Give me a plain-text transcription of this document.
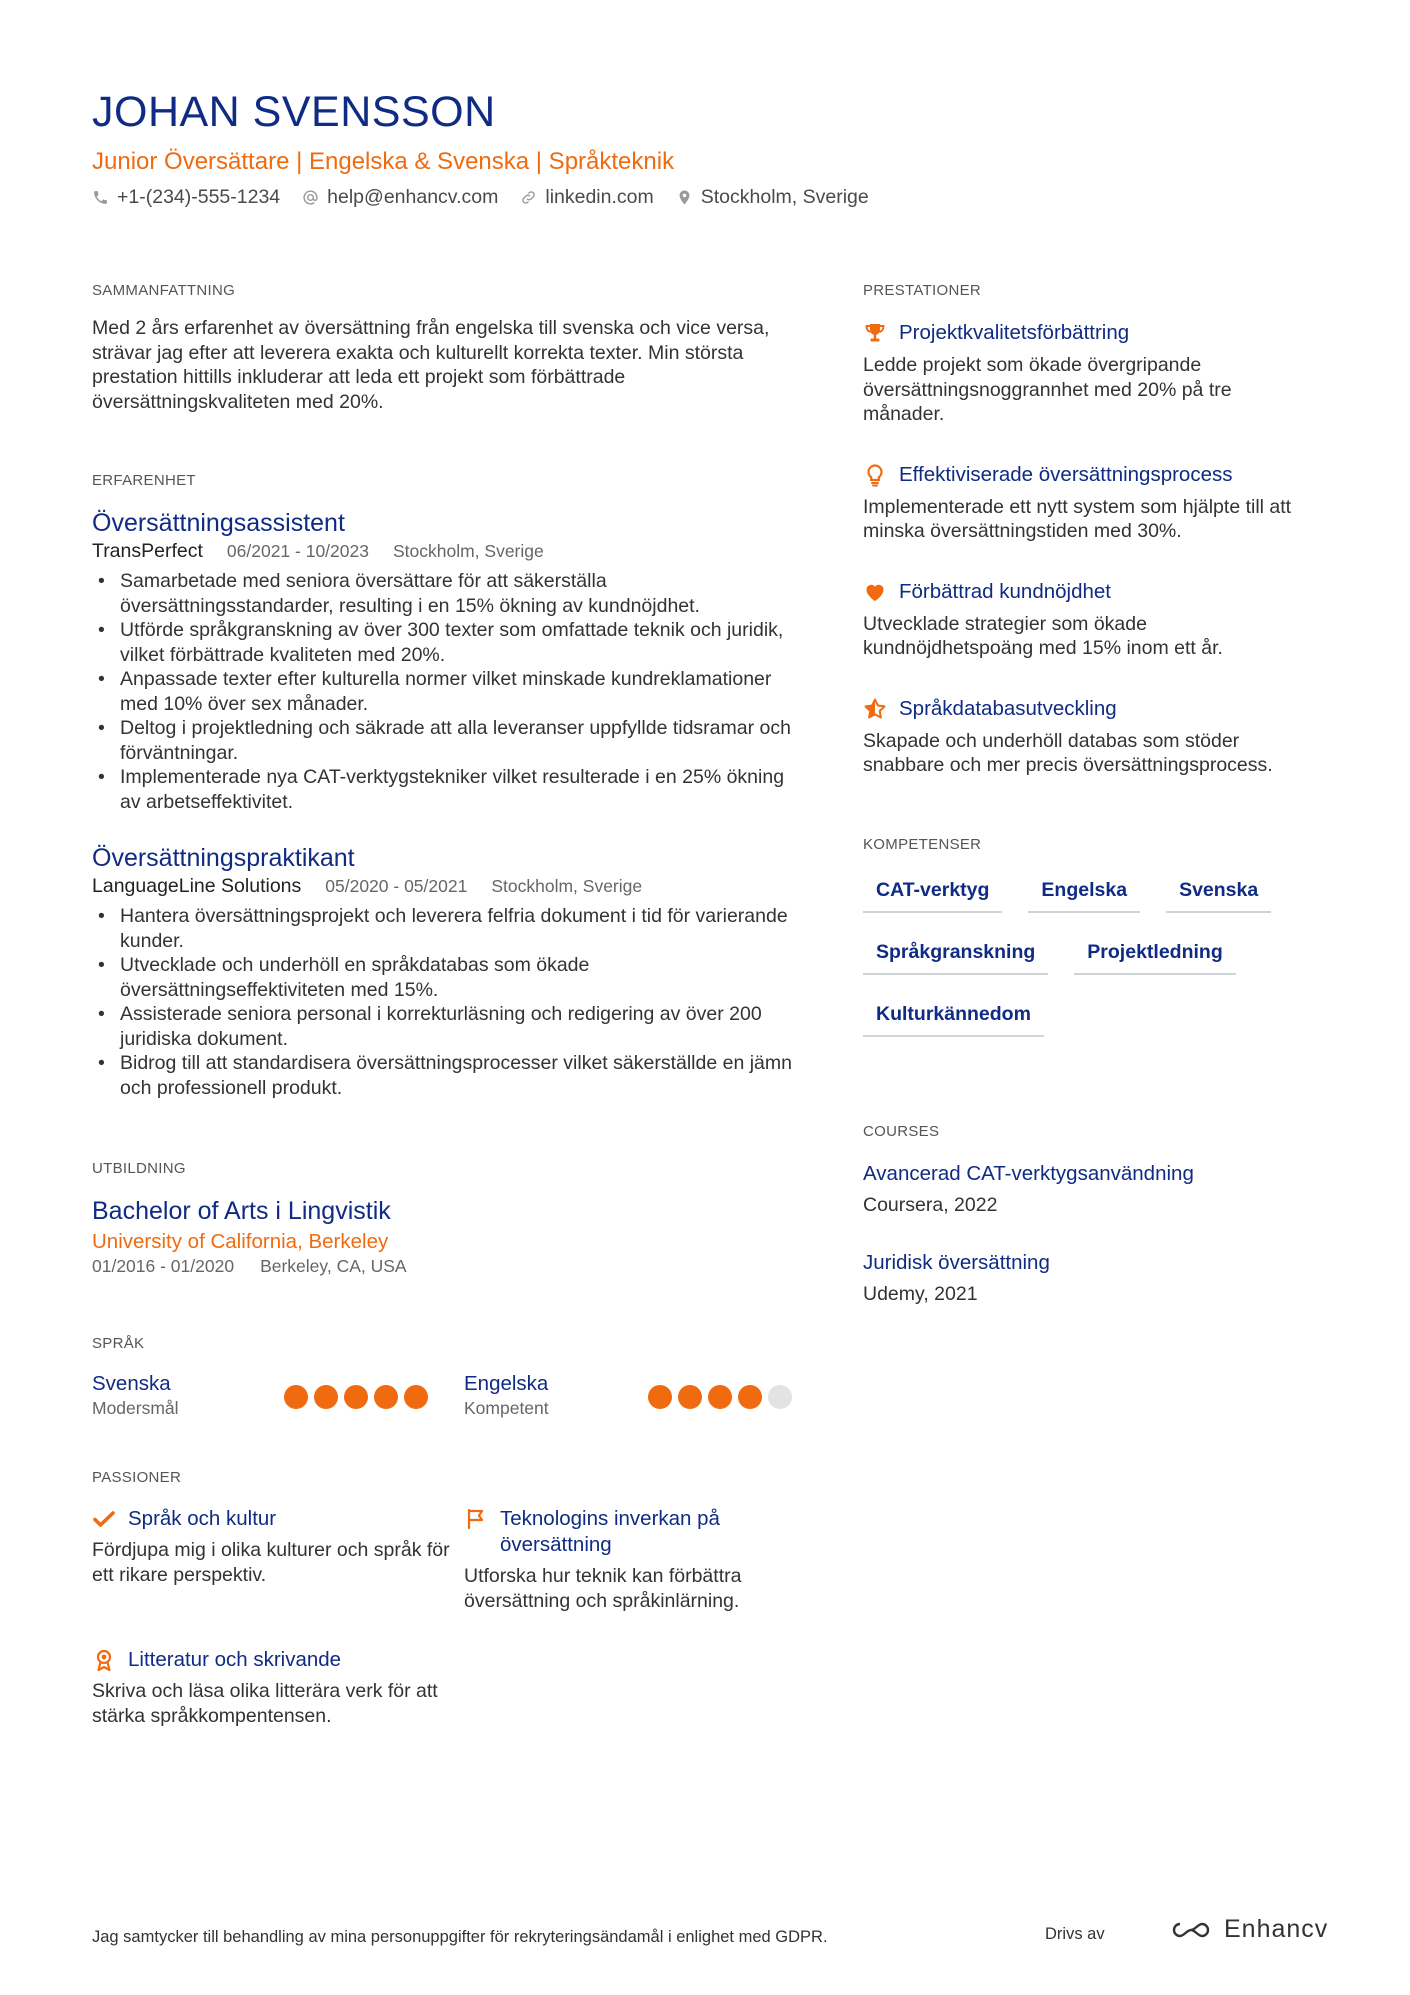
JOHAN SVENSSON
Junior Översättare | Engelska & Svenska | Språkteknik
+1-(234)-555-1234 help@enhancv.com linkedin.com Stockholm, Sverige
SAMMANFATTNING

Med 2 års erfarenhet av översättning från engelska till svenska och vice versa, strävar jag efter att leverera exakta och kulturellt korrekta texter. Min största prestation hittills inkluderar att leda ett projekt som förbättrade översättningskvaliteten med 20%.

ERFARENHET
Översättningsassistent
TransPerfect 06/2021 - 10/2023 Stockholm, Sverige
• Samarbetade med seniora översättare för att säkerställa översättningsstandarder, resulting i en 15% ökning av kundnöjdhet.
• Utförde språkgranskning av över 300 texter som omfattade teknik och juridik, vilket förbättrade kvaliteten med 20%.
• Anpassade texter efter kulturella normer vilket minskade kundreklamationer med 10% över sex månader.
• Deltog i projektledning och säkrade att alla leveranser uppfyllde tidsramar och förväntningar.
• Implementerade nya CAT-verktygstekniker vilket resulterade i en 25% ökning av arbetseffektivitet.
Översättningspraktikant
LanguageLine Solutions 05/2020 - 05/2021 Stockholm, Sverige
• Hantera översättningsprojekt och leverera felfria dokument i tid för varierande kunder.
• Utvecklade och underhöll en språkdatabas som ökade översättningseffektiviteten med 15%.
• Assisterade seniora personal i korrekturläsning och redigering av över 200 juridiska dokument.
• Bidrog till att standardisera översättningsprocesser vilket säkerställde en jämn och professionell produkt.
UTBILDNING
Bachelor of Arts i Lingvistik
University of California, Berkeley
01/2016 - 01/2020 Berkeley, CA, USA
SPRÅK
Svenska
Modersmål
Engelska
Kompetent
PASSIONER
Språk och kultur
Fördjupa mig i olika kulturer och språk för ett rikare perspektiv.
Teknologins inverkan på översättning
Utforska hur teknik kan förbättra översättning och språkinlärning.
Litteratur och skrivande
Skriva och läsa olika litterära verk för att stärka språkkompentensen.
PRESTATIONER
Projektkvalitetsförbättring
Ledde projekt som ökade övergripande översättningsnoggrannhet med 20% på tre månader.
Effektiviserade översättningsprocess
Implementerade ett nytt system som hjälpte till att minska översättningstiden med 30%.
Förbättrad kundnöjdhet
Utvecklade strategier som ökade kundnöjdhetspoäng med 15% inom ett år.
Språkdatabasutveckling
Skapade och underhöll databas som stöder snabbare och mer precis översättningsprocess.
KOMPETENSER
CAT-verktyg	Engelska	Svenska
Språkgranskning	Projektledning
Kulturkännedom
COURSES
Avancerad CAT-verktygsanvändning
Coursera, 2022
Juridisk översättning
Udemy, 2021
Jag samtycker till behandling av mina personuppgifter för rekryteringsändamål i enlighet med GDPR.	Drivs av	Enhancv
